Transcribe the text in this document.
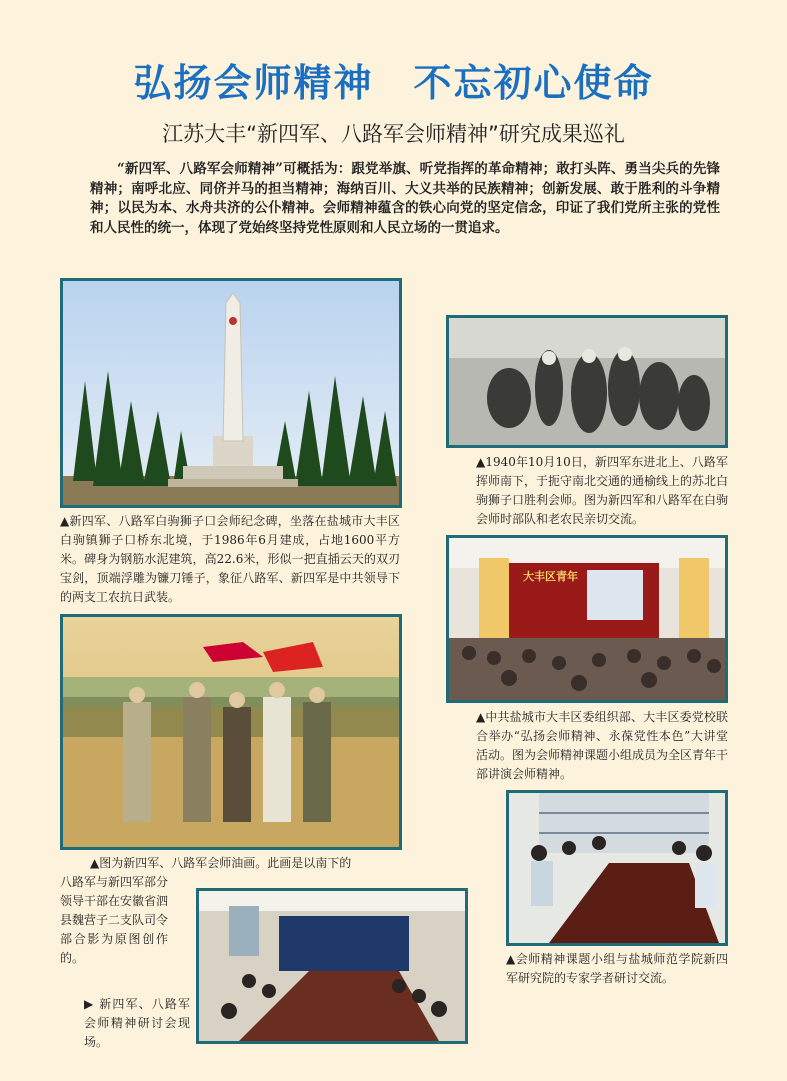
弘扬会师精神　不忘初心使命
江苏大丰“新四军、八路军会师精神”研究成果巡礼
“新四军、八路军会师精神”可概括为：跟党举旗、听党指挥的革命精神；敢打头阵、勇当尖兵的先锋精神；南呼北应、同侪并马的担当精神；海纳百川、大义共举的民族精神；创新发展、敢于胜利的斗争精神；以民为本、水舟共济的公仆精神。会师精神蕴含的铁心向党的坚定信念，印证了我们党所主张的党性和人民性的统一，体现了党始终坚持党性原则和人民立场的一贯追求。
▲新四军、八路军白驹狮子口会师纪念碑，坐落在盐城市大丰区白驹镇狮子口桥东北境，于1986年6月建成，占地1600平方米。碑身为钢筋水泥建筑，高22.6米，形似一把直插云天的双刃宝剑，顶端浮雕为镰刀锤子，象征八路军、新四军是中共领导下的两支工农抗日武装。
▲1940年10月10日，新四军东进北上、八路军挥师南下，于扼守南北交通的通榆线上的苏北白驹狮子口胜利会师。图为新四军和八路军在白驹会师时部队和老农民亲切交流。
▲图为新四军、八路军会师油画。此画是以南下的
八路军与新四军部分领导干部在安徽省泗县魏营子二支队司令部合影为原图创作的。
大丰区青年
▲中共盐城市大丰区委组织部、大丰区委党校联合举办“弘扬会师精神、永葆党性本色”大讲堂活动。图为会师精神课题小组成员为全区青年干部讲演会师精神。
▶ 新四军、八路军会师精神研讨会现场。
▲会师精神课题小组与盐城师范学院新四军研究院的专家学者研讨交流。
